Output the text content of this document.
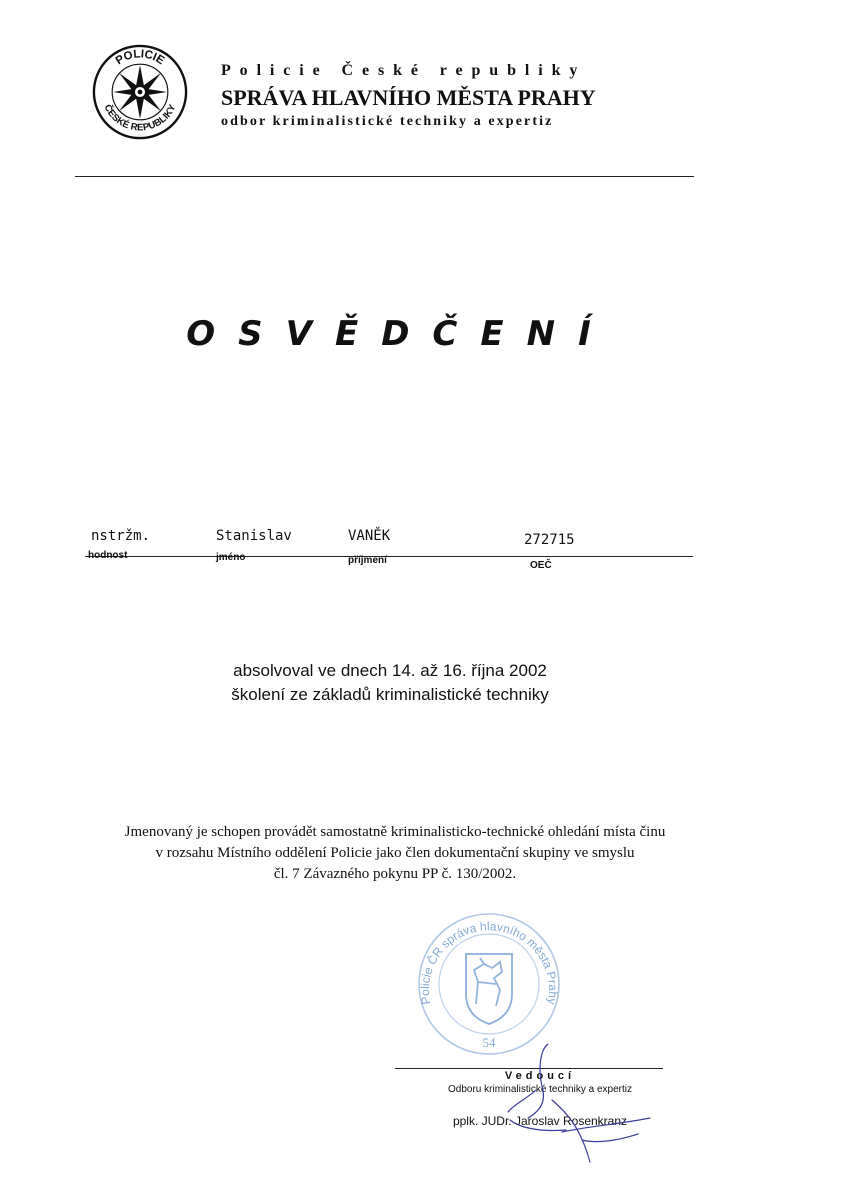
POLICIE
ČESKÉ REPUBLIKY
Policie České republiky
SPRÁVA HLAVNÍHO MĚSTA PRAHY
odbor kriminalistické techniky a expertiz
OSVĚDČENÍ
nstržm.	Stanislav	VANĚK	272715
hodnost	jméno	příjmení	OEČ
absolvoval ve dnech 14. až 16. října 2002
školení ze základů kriminalistické techniky
Jmenovaný je schopen provádět samostatně kriminalisticko-technické ohledání místa činu
v rozsahu Místního oddělení Policie jako člen dokumentační skupiny ve smyslu
čl. 7 Závazného pokynu PP č. 130/2002.
Policie ČR správa hlavního města Prahy
54
Vedoucí
Odboru kriminalistické techniky a expertiz
pplk. JUDr. Jaroslav Rosenkranz
